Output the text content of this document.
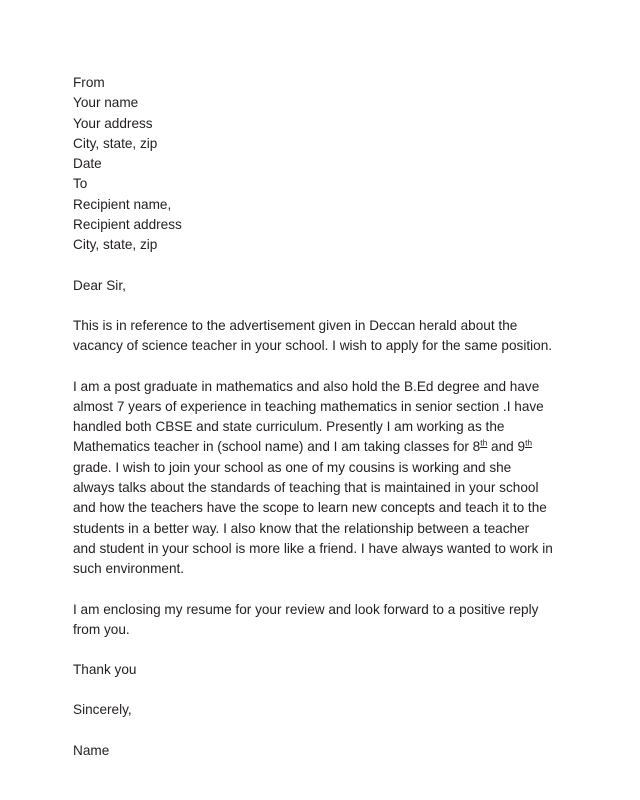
From
Your name
Your address
City, state, zip
Date
To
Recipient name,
Recipient address
City, state, zip

Dear Sir,

This is in reference to the advertisement given in Deccan herald about the vacancy of science teacher in your school. I wish to apply for the same position.

I am a post graduate in mathematics and also hold the B.Ed degree and have almost 7 years of experience in teaching mathematics in senior section .I have handled both CBSE and state curriculum. Presently I am working as the Mathematics teacher in (school name) and I am taking classes for 8th and 9th grade. I wish to join your school as one of my cousins is working and she always talks about the standards of teaching that is maintained in your school and how the teachers have the scope to learn new concepts and teach it to the students in a better way. I also know that the relationship between a teacher and student in your school is more like a friend. I have always wanted to work in such environment.

I am enclosing my resume for your review and look forward to a positive reply from you.

Thank you

Sincerely,

Name
